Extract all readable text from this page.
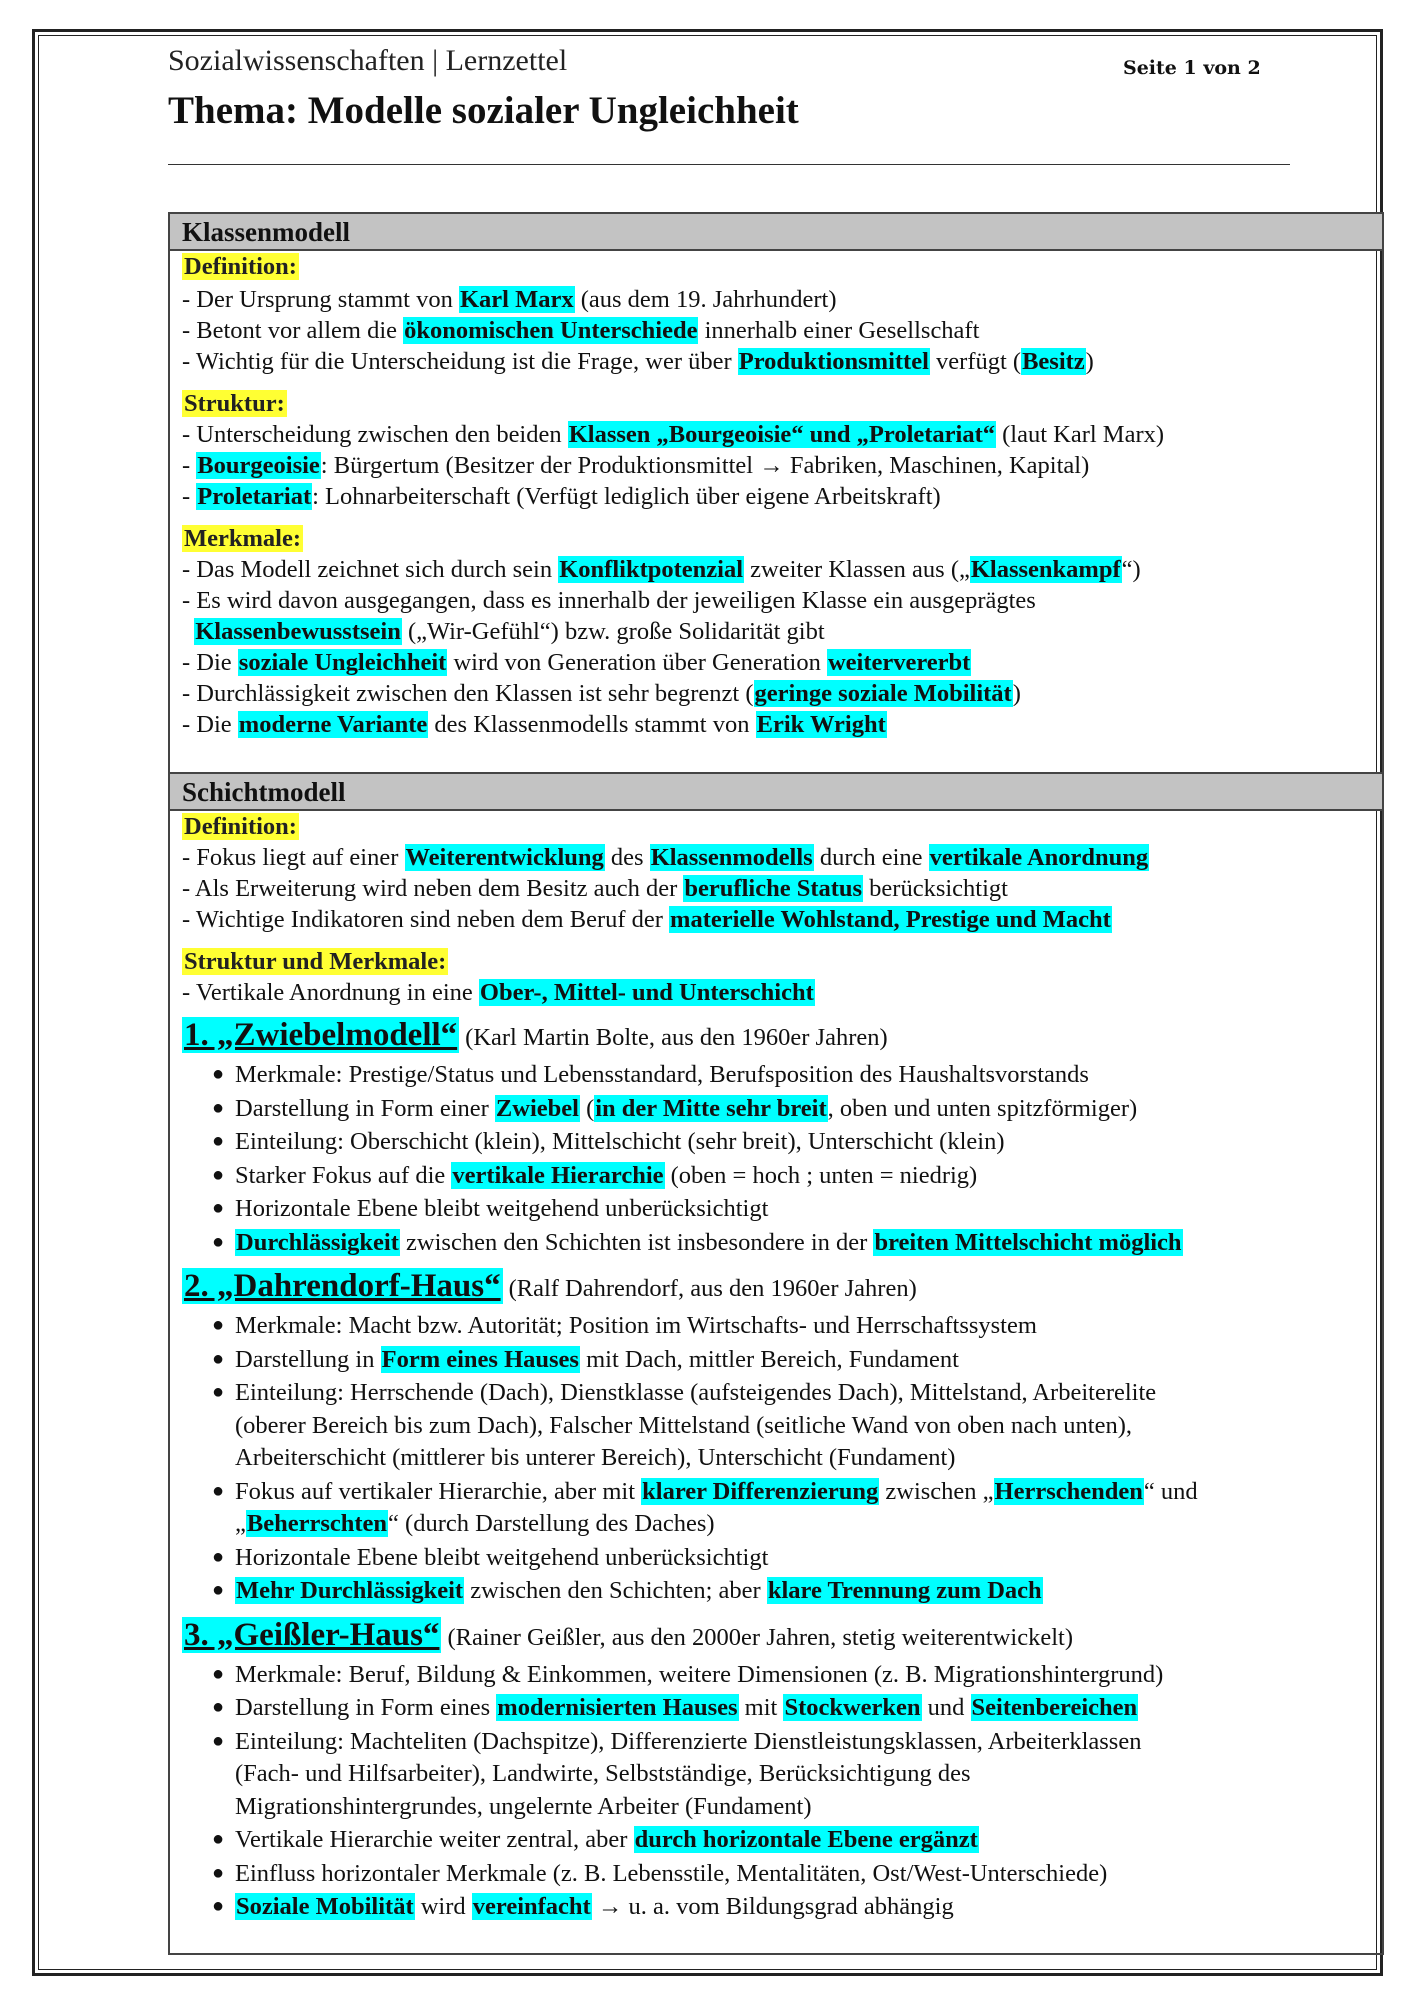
Sozialwissenschaften | Lernzettel	Seite 1 von 2
Thema: Modelle sozialer Ungleichheit
Klassenmodell
Definition:
- Der Ursprung stammt von Karl Marx (aus dem 19. Jahrhundert)
- Betont vor allem die ökonomischen Unterschiede innerhalb einer Gesellschaft
- Wichtig für die Unterscheidung ist die Frage, wer über Produktionsmittel verfügt (Besitz)
Struktur:
- Unterscheidung zwischen den beiden Klassen „Bourgeoisie“ und „Proletariat“ (laut Karl Marx)
- Bourgeoisie: Bürgertum (Besitzer der Produktionsmittel → Fabriken, Maschinen, Kapital)
- Proletariat: Lohnarbeiterschaft (Verfügt lediglich über eigene Arbeitskraft)
Merkmale:
- Das Modell zeichnet sich durch sein Konfliktpotenzial zweiter Klassen aus („Klassenkampf“)
- Es wird davon ausgegangen, dass es innerhalb der jeweiligen Klasse ein ausgeprägtes
Klassenbewusstsein („Wir-Gefühl“) bzw. große Solidarität gibt
- Die soziale Ungleichheit wird von Generation über Generation weitervererbt
- Durchlässigkeit zwischen den Klassen ist sehr begrenzt (geringe soziale Mobilität)
- Die moderne Variante des Klassenmodells stammt von Erik Wright
Schichtmodell
Definition:
- Fokus liegt auf einer Weiterentwicklung des Klassenmodells durch eine vertikale Anordnung
- Als Erweiterung wird neben dem Besitz auch der berufliche Status berücksichtigt
- Wichtige Indikatoren sind neben dem Beruf der materielle Wohlstand, Prestige und Macht
Struktur und Merkmale:
- Vertikale Anordnung in eine Ober-, Mittel- und Unterschicht
1. „Zwiebelmodell“ (Karl Martin Bolte, aus den 1960er Jahren)
● Merkmale: Prestige/Status und Lebensstandard, Berufsposition des Haushaltsvorstands
● Darstellung in Form einer Zwiebel (in der Mitte sehr breit, oben und unten spitzförmiger)
● Einteilung: Oberschicht (klein), Mittelschicht (sehr breit), Unterschicht (klein)
● Starker Fokus auf die vertikale Hierarchie (oben = hoch ; unten = niedrig)
● Horizontale Ebene bleibt weitgehend unberücksichtigt
● Durchlässigkeit zwischen den Schichten ist insbesondere in der breiten Mittelschicht möglich
2. „Dahrendorf-Haus“ (Ralf Dahrendorf, aus den 1960er Jahren)
● Merkmale: Macht bzw. Autorität; Position im Wirtschafts- und Herrschaftssystem
● Darstellung in Form eines Hauses mit Dach, mittler Bereich, Fundament
● Einteilung: Herrschende (Dach), Dienstklasse (aufsteigendes Dach), Mittelstand, Arbeiterelite
(oberer Bereich bis zum Dach), Falscher Mittelstand (seitliche Wand von oben nach unten),
Arbeiterschicht (mittlerer bis unterer Bereich), Unterschicht (Fundament)
● Fokus auf vertikaler Hierarchie, aber mit klarer Differenzierung zwischen „Herrschenden“ und
„Beherrschten“ (durch Darstellung des Daches)
● Horizontale Ebene bleibt weitgehend unberücksichtigt
● Mehr Durchlässigkeit zwischen den Schichten; aber klare Trennung zum Dach
3. „Geißler-Haus“ (Rainer Geißler, aus den 2000er Jahren, stetig weiterentwickelt)
● Merkmale: Beruf, Bildung & Einkommen, weitere Dimensionen (z. B. Migrationshintergrund)
● Darstellung in Form eines modernisierten Hauses mit Stockwerken und Seitenbereichen
● Einteilung: Machteliten (Dachspitze), Differenzierte Dienstleistungsklassen, Arbeiterklassen
(Fach- und Hilfsarbeiter), Landwirte, Selbstständige, Berücksichtigung des
Migrationshintergrundes, ungelernte Arbeiter (Fundament)
● Vertikale Hierarchie weiter zentral, aber durch horizontale Ebene ergänzt
● Einfluss horizontaler Merkmale (z. B. Lebensstile, Mentalitäten, Ost/West-Unterschiede)
● Soziale Mobilität wird vereinfacht → u. a. vom Bildungsgrad abhängig
